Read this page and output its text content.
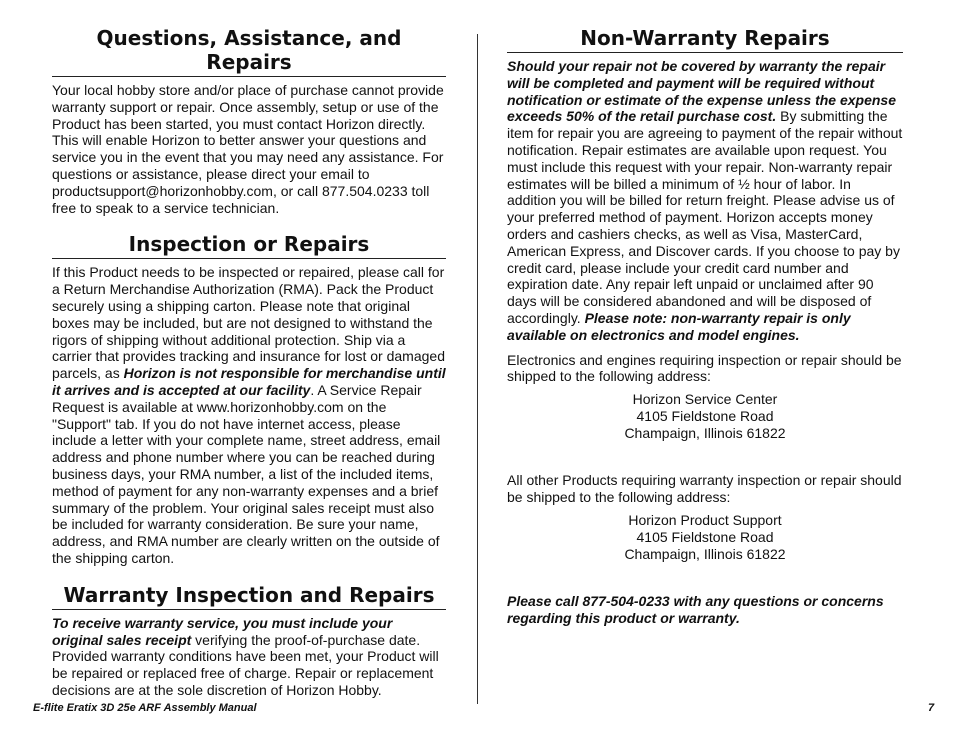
Questions, Assistance, and Repairs

Your local hobby store and/or place of purchase cannot provide warranty support or repair. Once assembly, setup or use of the Product has been started, you must contact Horizon directly. This will enable Horizon to better answer your questions and service you in the event that you may need any assistance. For questions or assistance, please direct your email to productsupport@horizonhobby.com, or call 877.504.0233 toll free to speak to a service technician.

Inspection or Repairs

If this Product needs to be inspected or repaired, please call for a Return Merchandise Authorization (RMA). Pack the Product securely using a shipping carton. Please note that original boxes may be included, but are not designed to withstand the rigors of shipping without additional protection. Ship via a carrier that provides tracking and insurance for lost or damaged parcels, as Horizon is not responsible for merchandise until it arrives and is accepted at our facility. A Service Repair Request is available at www.horizonhobby.com on the "Support" tab. If you do not have internet access, please include a letter with your complete name, street address, email address and phone number where you can be reached during business days, your RMA number, a list of the included items, method of payment for any non-warranty expenses and a brief summary of the problem. Your original sales receipt must also be included for warranty consideration. Be sure your name, address, and RMA number are clearly written on the outside of the shipping carton.

Warranty Inspection and Repairs

To receive warranty service, you must include your original sales receipt verifying the proof-of-purchase date. Provided warranty conditions have been met, your Product will be repaired or replaced free of charge. Repair or replacement decisions are at the sole discretion of Horizon Hobby.

Non-Warranty Repairs

Should your repair not be covered by warranty the repair will be completed and payment will be required without notification or estimate of the expense unless the expense exceeds 50% of the retail purchase cost. By submitting the item for repair you are agreeing to payment of the repair without notification. Repair estimates are available upon request. You must include this request with your repair. Non-warranty repair estimates will be billed a minimum of ½ hour of labor. In addition you will be billed for return freight. Please advise us of your preferred method of payment. Horizon accepts money orders and cashiers checks, as well as Visa, MasterCard, American Express, and Discover cards. If you choose to pay by credit card, please include your credit card number and expiration date. Any repair left unpaid or unclaimed after 90 days will be considered abandoned and will be disposed of accordingly. Please note: non-warranty repair is only available on electronics and model engines.

Electronics and engines requiring inspection or repair should be shipped to the following address:

Horizon Service Center
4105 Fieldstone Road
Champaign, Illinois 61822

All other Products requiring warranty inspection or repair should be shipped to the following address:

Horizon Product Support
4105 Fieldstone Road
Champaign, Illinois 61822

Please call 877-504-0233 with any questions or concerns regarding this product or warranty.

E-flite Eratix 3D 25e ARF Assembly Manual	7
